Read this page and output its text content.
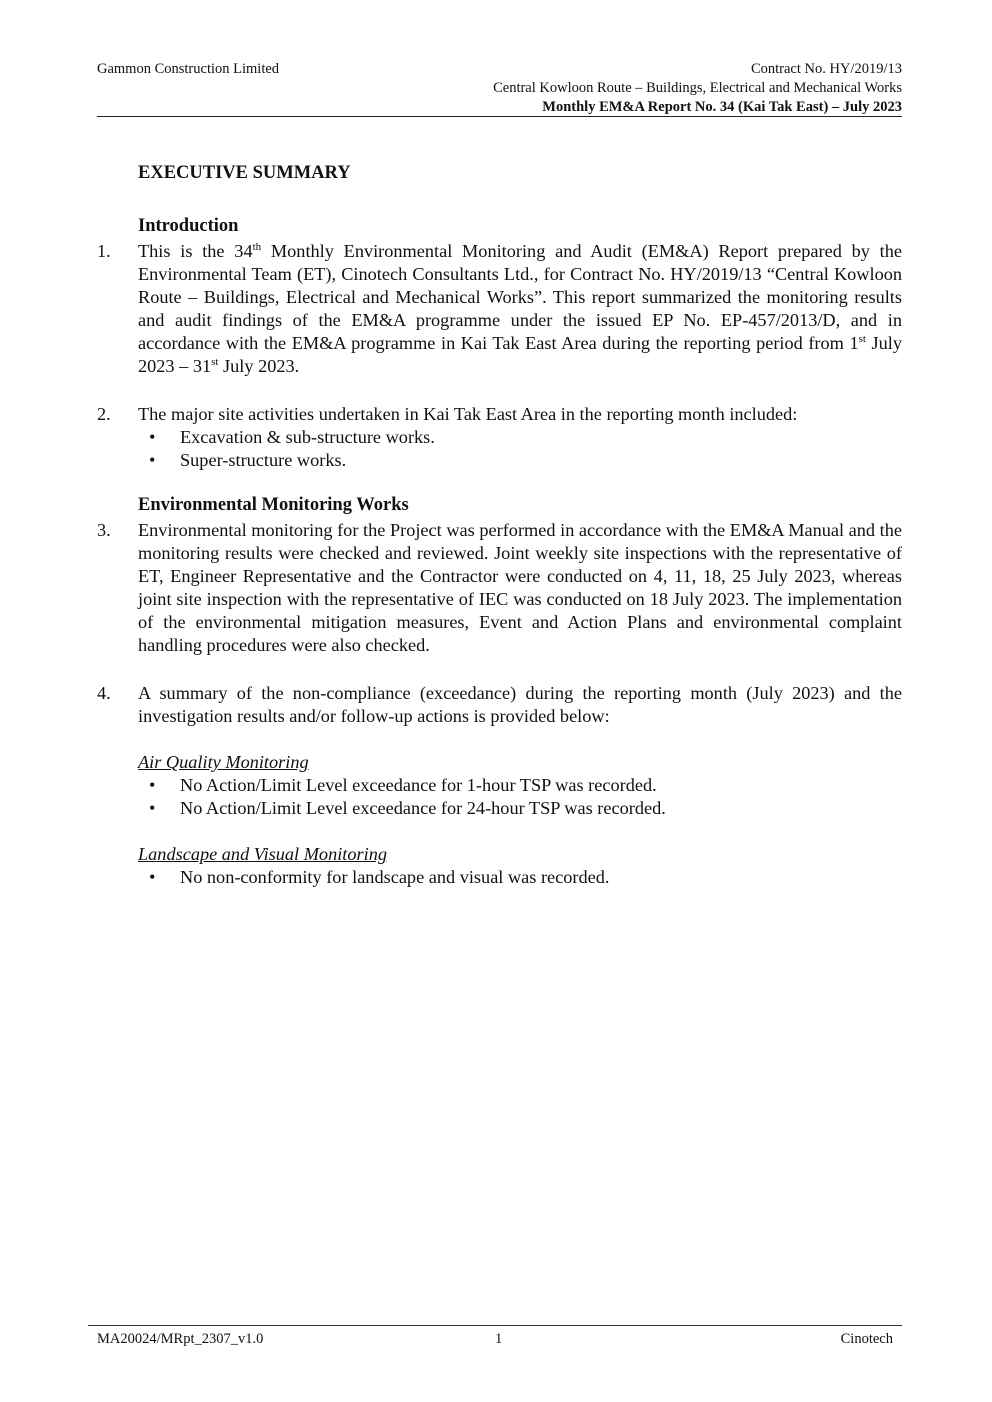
Gammon Construction Limited	Contract No. HY/2019/13
Central Kowloon Route – Buildings, Electrical and Mechanical Works
Monthly EM&A Report No. 34 (Kai Tak East) – July 2023
EXECUTIVE SUMMARY
Introduction
1. This is the 34th Monthly Environmental Monitoring and Audit (EM&A) Report prepared by the Environmental Team (ET), Cinotech Consultants Ltd., for Contract No. HY/2019/13 “Central Kowloon Route – Buildings, Electrical and Mechanical Works”. This report summarized the monitoring results and audit findings of the EM&A programme under the issued EP No. EP-457/2013/D, and in accordance with the EM&A programme in Kai Tak East Area during the reporting period from 1st July 2023 – 31st July 2023.
2. The major site activities undertaken in Kai Tak East Area in the reporting month included:
• Excavation & sub-structure works.
• Super-structure works.
Environmental Monitoring Works
3. Environmental monitoring for the Project was performed in accordance with the EM&A Manual and the monitoring results were checked and reviewed. Joint weekly site inspections with the representative of ET, Engineer Representative and the Contractor were conducted on 4, 11, 18, 25 July 2023, whereas joint site inspection with the representative of IEC was conducted on 18 July 2023. The implementation of the environmental mitigation measures, Event and Action Plans and environmental complaint handling procedures were also checked.
4. A summary of the non-compliance (exceedance) during the reporting month (July 2023) and the investigation results and/or follow-up actions is provided below:
Air Quality Monitoring
• No Action/Limit Level exceedance for 1-hour TSP was recorded.
• No Action/Limit Level exceedance for 24-hour TSP was recorded.
Landscape and Visual Monitoring
• No non-conformity for landscape and visual was recorded.
MA20024/MRpt_2307_v1.0	1	Cinotech
